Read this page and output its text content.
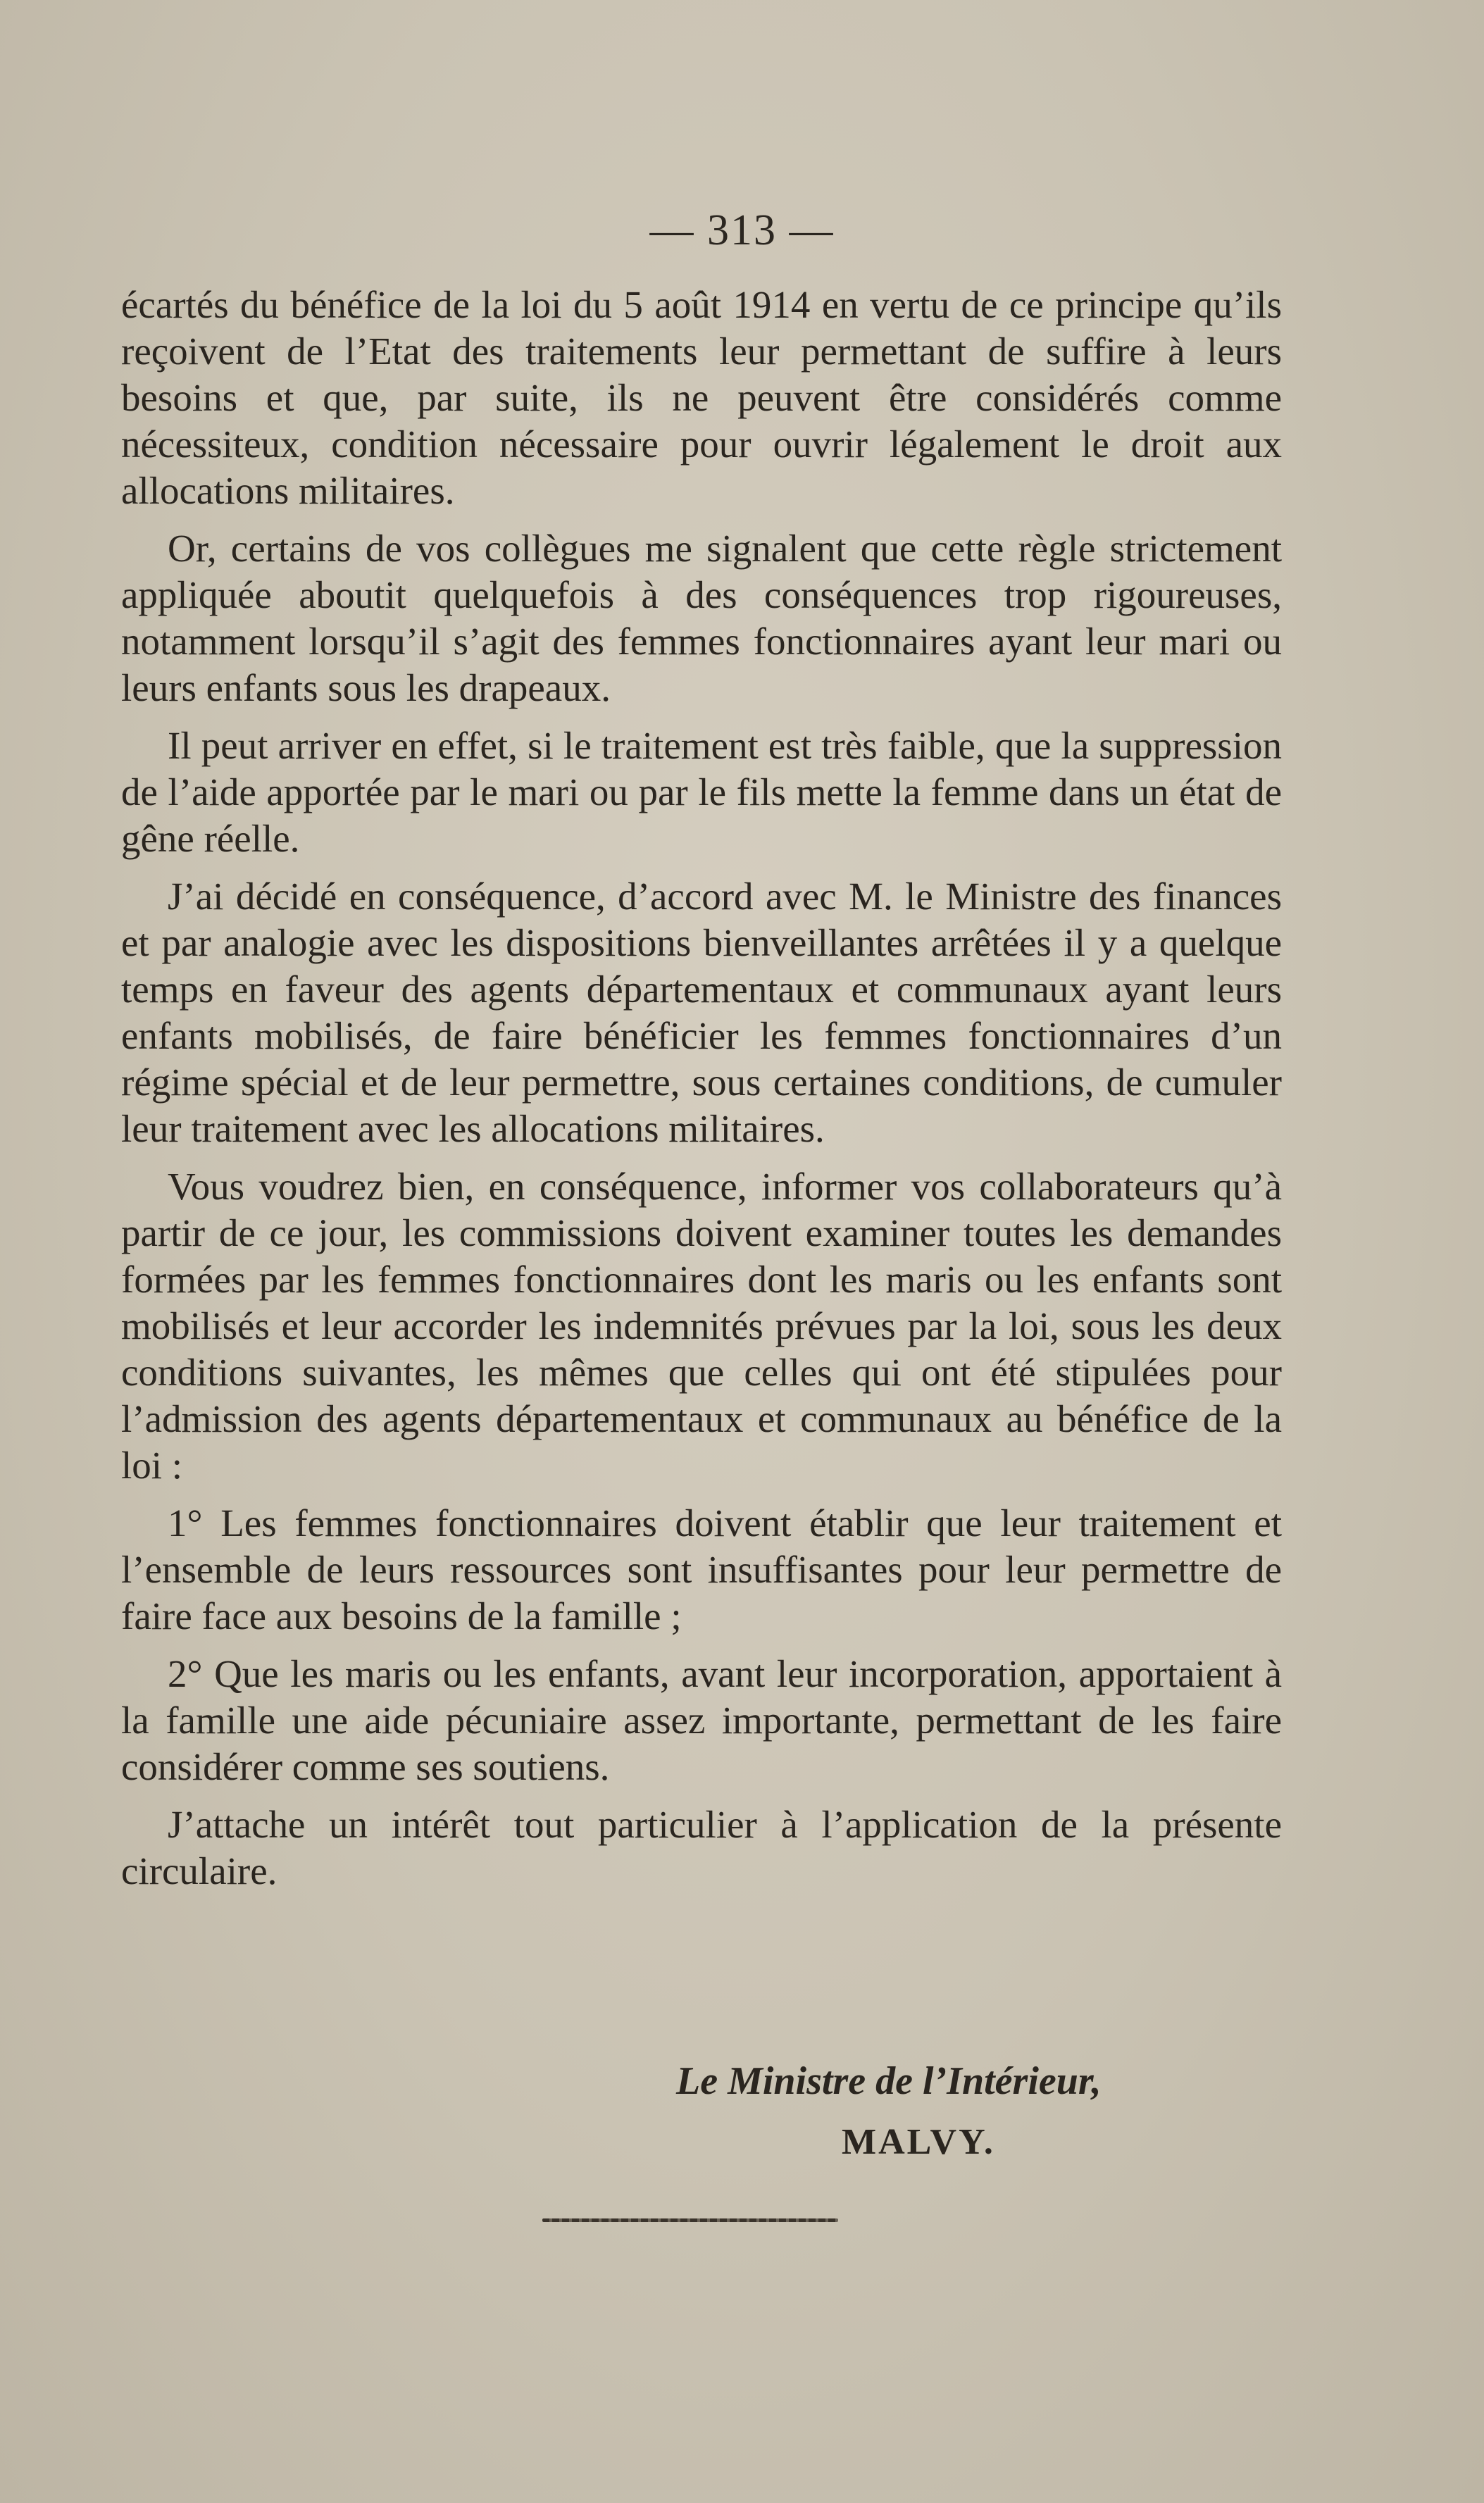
— 313 —

écartés du bénéfice de la loi du 5 août 1914 en vertu de ce principe qu’ils reçoivent de l’Etat des traitements leur permettant de suffire à leurs besoins et que, par suite, ils ne peuvent être considérés comme nécessiteux, condition nécessaire pour ouvrir légalement le droit aux allocations militaires.

Or, certains de vos collègues me signalent que cette règle strictement appliquée aboutit quelquefois à des conséquences trop rigoureuses, notamment lorsqu’il s’agit des femmes fonctionnaires ayant leur mari ou leurs enfants sous les drapeaux.

Il peut arriver en effet, si le traitement est très faible, que la suppression de l’aide apportée par le mari ou par le fils mette la femme dans un état de gêne réelle.

J’ai décidé en conséquence, d’accord avec M. le Ministre des finances et par analogie avec les dispositions bienveillantes arrêtées il y a quelque temps en faveur des agents départementaux et communaux ayant leurs enfants mobilisés, de faire bénéficier les femmes fonctionnaires d’un régime spécial et de leur permettre, sous certaines conditions, de cumuler leur traitement avec les allocations militaires.

Vous voudrez bien, en conséquence, informer vos collaborateurs qu’à partir de ce jour, les commissions doivent examiner toutes les demandes formées par les femmes fonctionnaires dont les maris ou les enfants sont mobilisés et leur accorder les indemnités prévues par la loi, sous les deux conditions suivantes, les mêmes que celles qui ont été stipulées pour l’admission des agents départementaux et communaux au bénéfice de la loi :

1° Les femmes fonctionnaires doivent établir que leur traitement et l’ensemble de leurs ressources sont insuffisantes pour leur permettre de faire face aux besoins de la famille ;

2° Que les maris ou les enfants, avant leur incorporation, apportaient à la famille une aide pécuniaire assez importante, permettant de les faire considérer comme ses soutiens.

J’attache un intérêt tout particulier à l’application de la présente circulaire.

Le Ministre de l’Intérieur,
MALVY.
